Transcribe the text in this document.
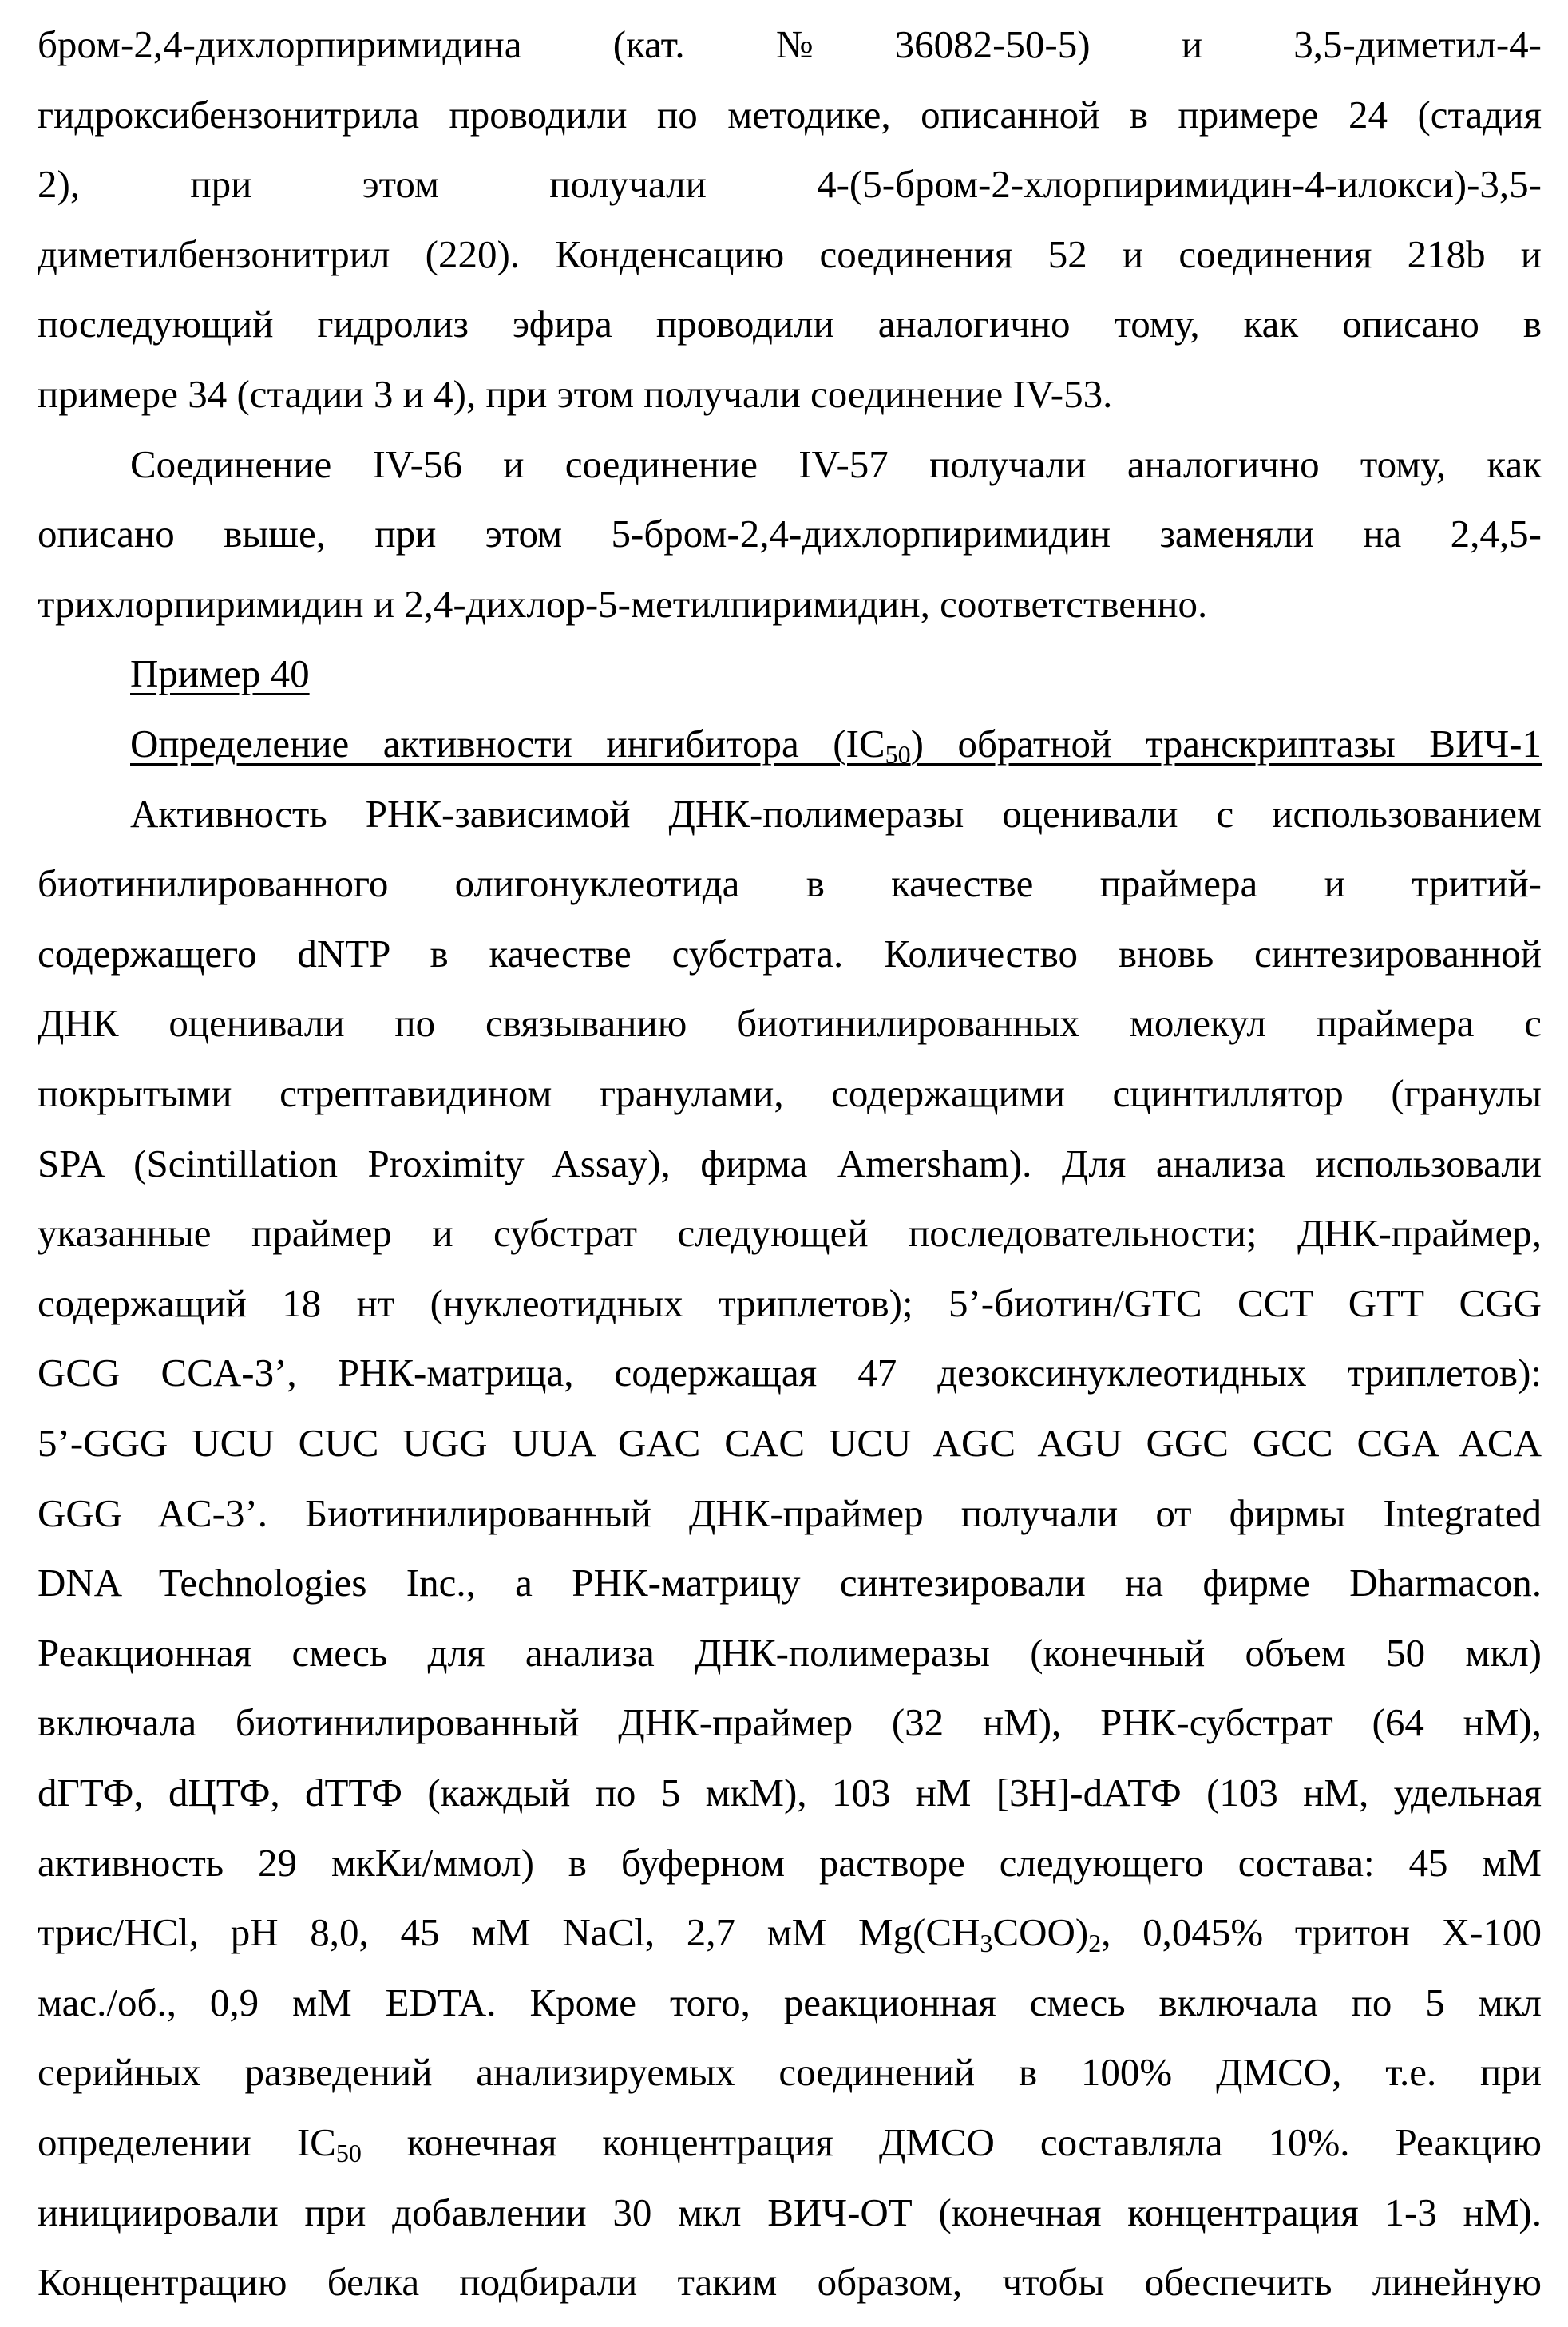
бром-2,4-дихлорпиримидина (кат. №36082-50-5) и 3,5-диметил-4-
гидроксибензонитрила проводили по методике, описанной в примере 24 (стадия
2), при этом получали 4-(5-бром-2-хлорпиримидин-4-илокси)-3,5-
диметилбензонитрил (220). Конденсацию соединения 52 и соединения 218b и
последующий гидролиз эфира проводили аналогично тому, как описано в
примере 34 (стадии 3 и 4), при этом получали соединение IV-53.
Соединение IV-56 и соединение IV-57 получали аналогично тому, как
описано выше, при этом 5-бром-2,4-дихлорпиримидин заменяли на 2,4,5-
трихлорпиримидин и 2,4-дихлор-5-метилпиримидин, соответственно.
Пример 40
Определение активности ингибитора $(IC_{50})$ обратной транскриптазы ВИЧ-1
Активность РНК-зависимой ДНК-полимеразы оценивали с использованием
биотинилированного олигонуклеотида в качестве праймера и тритий-
содержащего dNTP в качестве субстрата. Количество вновь синтезированной
ДНК оценивали по связыванию биотинилированных молекул праймера с
покрытыми стрептавидином гранулами, содержащими сцинтиллятор (гранулы
SPA (Scintillation Proximity Assay), фирма Amersham). Для анализа использовали
указанные праймер и субстрат следующей последовательности; ДНК-праймер,
содержащий 18 нт (нуклеотидных триплетов); 5’-биотин/GTC CCT GTT CGG
GCG CCA-3’, РНК-матрица, содержащая 47 дезоксинуклеотидных триплетов):
5’-GGG UCU CUC UGG UUA GAC CAC UCU AGC AGU GGC GCC CGA ACA
GGG AC-3’. Биотинилированный ДНК-праймер получали от фирмы Integrated
DNA Technologies Inc., а РНК-матрицу синтезировали на фирме Dharmacon.
Реакционная смесь для анализа ДНК-полимеразы (конечный объем 50 мкл)
включала биотинилированный ДНК-праймер (32 нМ), РНК-субстрат (64 нМ),
dГТФ, dЦТФ, dТТФ (каждый по 5 мкМ), 103 нМ [3H]-dАТФ (103 нМ, удельная
активность 29 мкКи/ммол) в буферном растворе следующего состава: 45 мМ
трис/HCl, pH 8,0, 45 мМ NaCl, 2,7 мМ $Mg(CH_3COO)_2$, 0,045% тритон Х-100
мас./об., 0,9 мМ EDTA. Кроме того, реакционная смесь включала по 5 мкл
серийных разведений анализируемых соединений в 100% ДМСО, т.е. при
определении $IC_{50}$ конечная концентрация ДМСО составляла 10%. Реакцию
инициировали при добавлении 30 мкл ВИЧ-ОТ (конечная концентрация 1-3 нМ).
Концентрацию белка подбирали таким образом, чтобы обеспечить линейную
